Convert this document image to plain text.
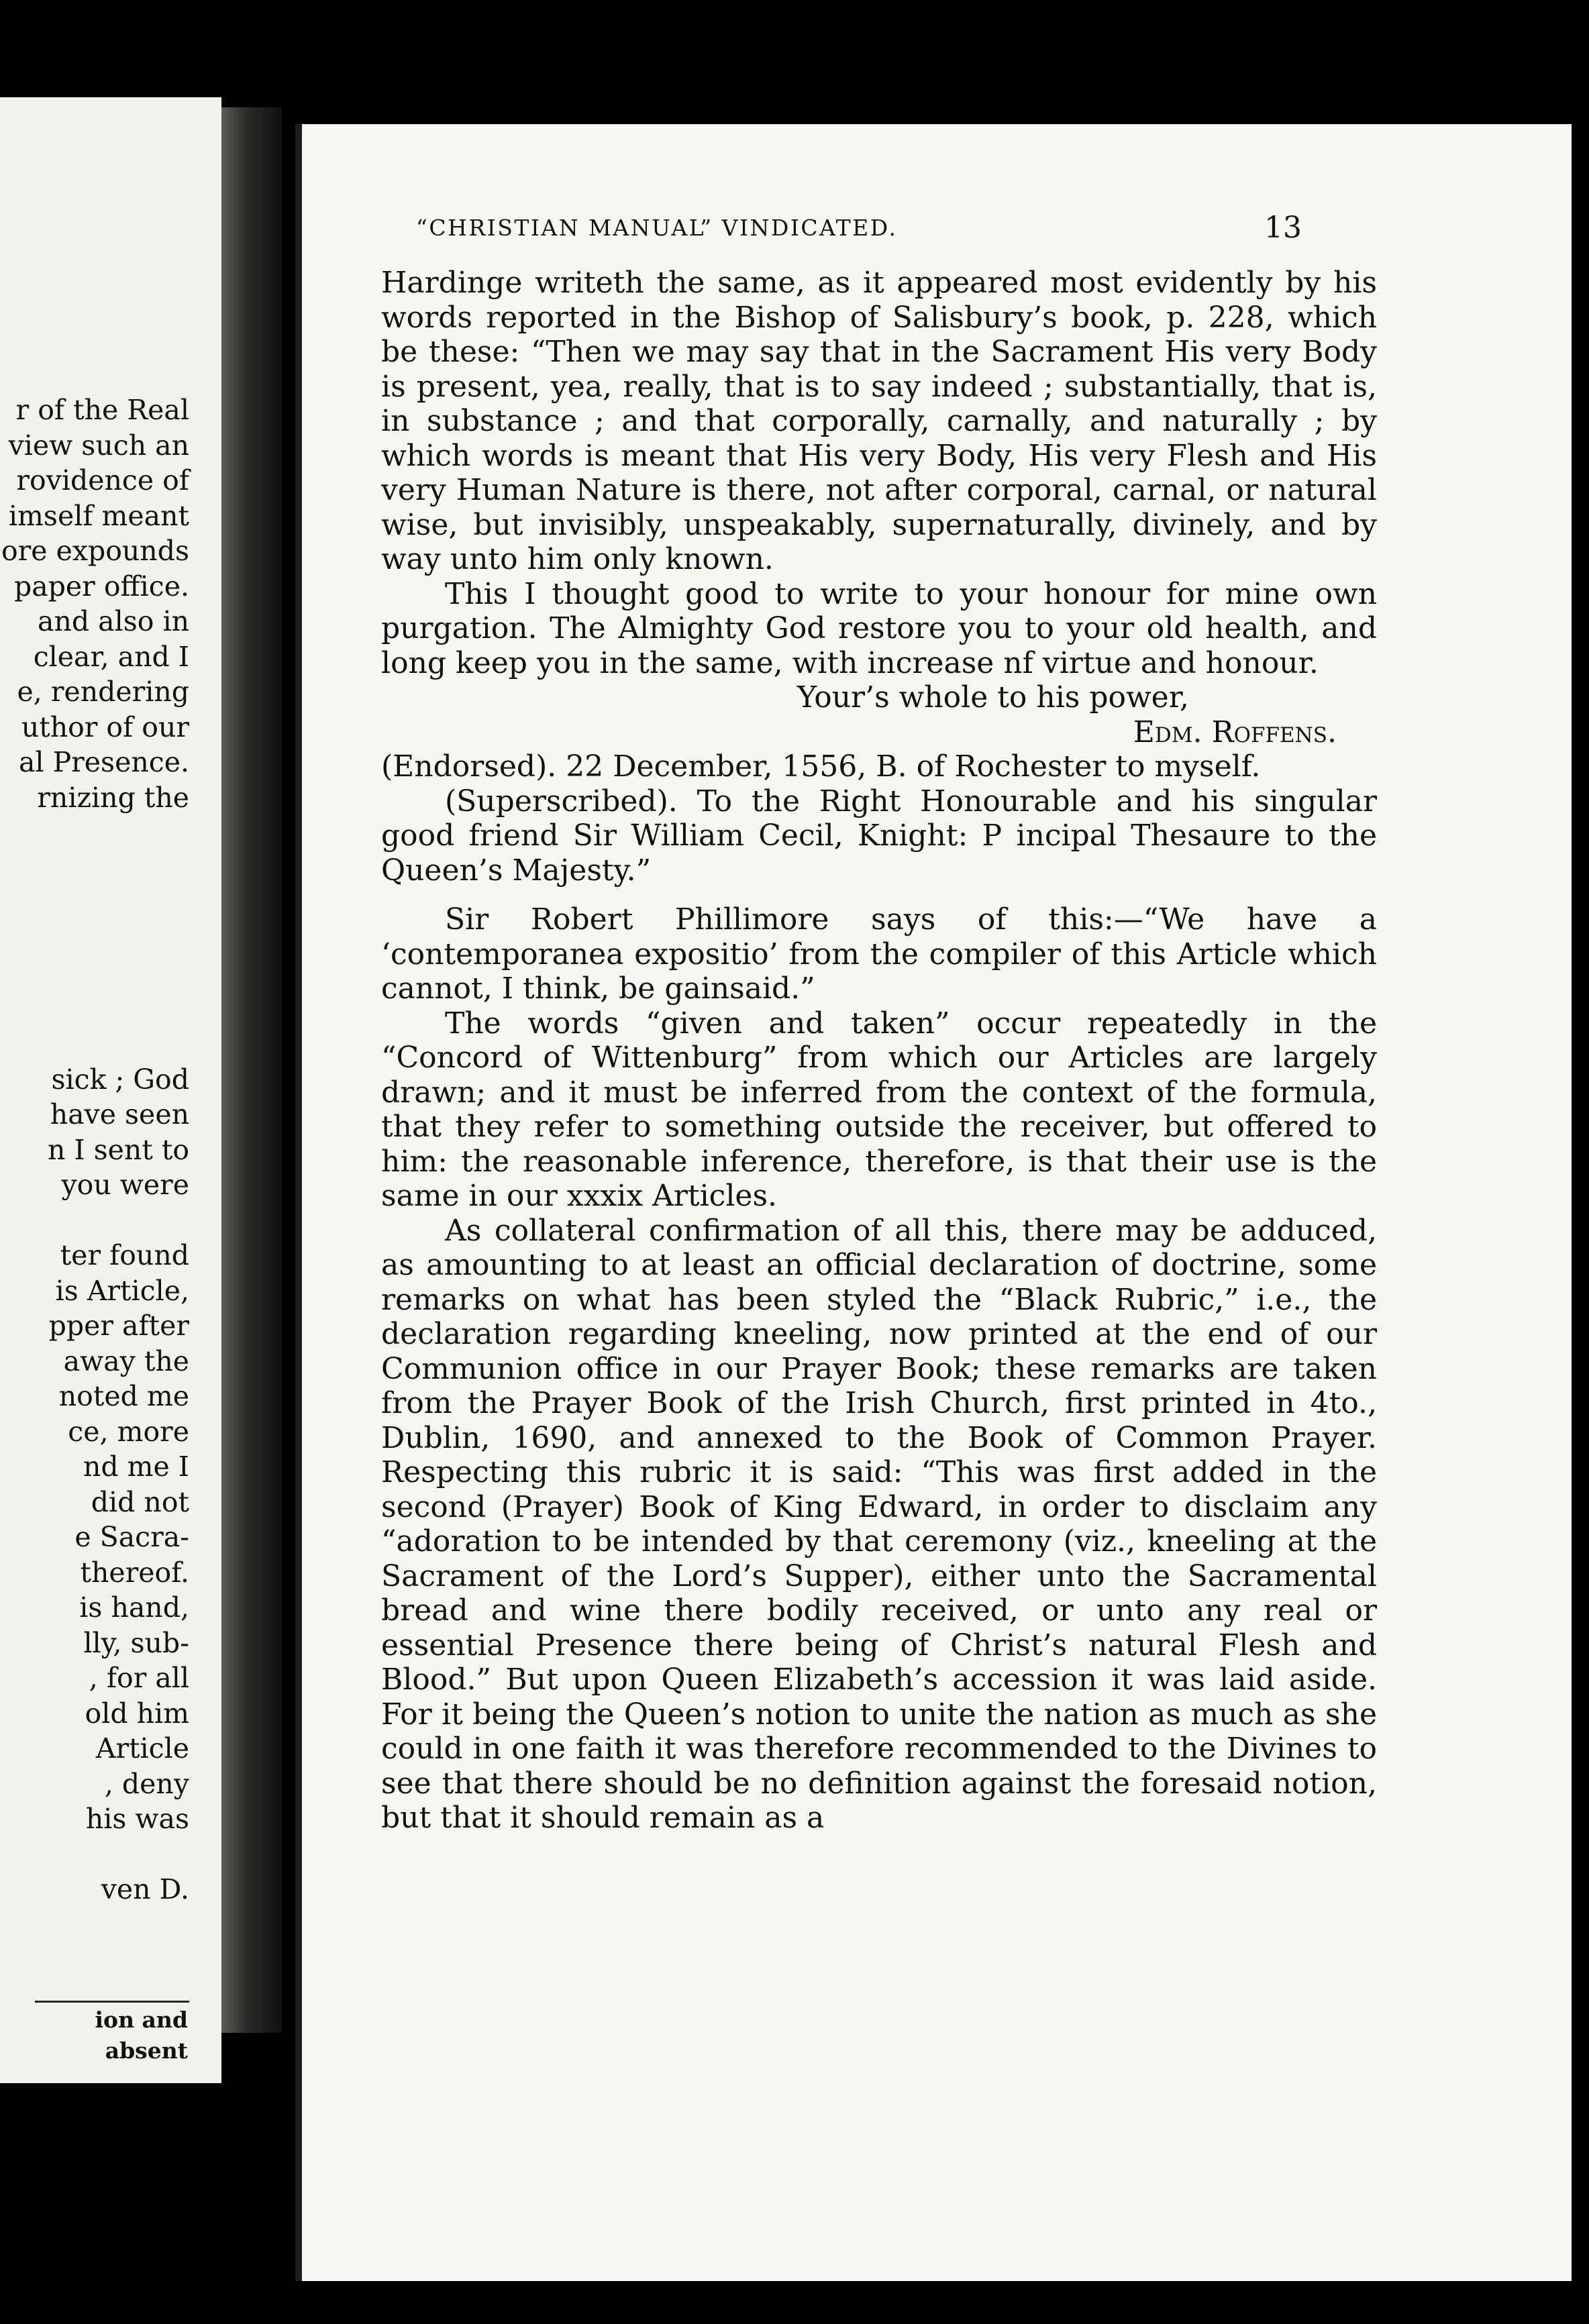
r of the Real
view such an
rovidence of
imself meant
ore expounds
paper office.
and also in
clear, and I
e, rendering
uthor of our
al Presence.
rnizing the
sick ; God
have seen
n I sent to
you were
ter found
is Article,
pper after
away the
noted me
ce, more
nd me I
did not
e Sacra-
thereof.
is hand,
lly, sub-
, for all
old him
Article
, deny
his was
ven D.
ion and
absent
“CHRISTIAN MANUAL” VINDICATED.	13

Hardinge writeth the same, as it appeared most evidently by his words reported in the Bishop of Salisbury’s book, p. 228, which be these: “Then we may say that in the Sacrament His very Body is present, yea, really, that is to say indeed ; substantially, that is, in substance ; and that corporally, carnally, and naturally ; by which words is meant that His very Body, His very Flesh and His very Human Nature is there, not after corporal, carnal, or natural wise, but invisibly, unspeakably, supernaturally, divinely, and by way unto him only known.

This I thought good to write to your honour for mine own purgation. The Almighty God restore you to your old health, and long keep you in the same, with increase nf virtue and honour.

Your’s whole to his power,

Edm. Roffens.

(Endorsed). 22 December, 1556, B. of Rochester to myself.

(Superscribed). To the Right Honourable and his singular good friend Sir William Cecil, Knight: P incipal Thesaure to the Queen’s Majesty.”

Sir Robert Phillimore says of this:—“We have a ‘contemporanea expositio’ from the compiler of this Article which cannot, I think, be gainsaid.”

The words “given and taken” occur repeatedly in the “Concord of Wittenburg” from which our Articles are largely drawn; and it must be inferred from the context of the formula, that they refer to something outside the receiver, but offered to him: the reasonable inference, therefore, is that their use is the same in our xxxix Articles.

As collateral confirmation of all this, there may be adduced, as amounting to at least an official declaration of doctrine, some remarks on what has been styled the “Black Rubric,” i.e., the declaration regarding kneeling, now printed at the end of our Communion office in our Prayer Book; these remarks are taken from the Prayer Book of the Irish Church, first printed in 4to., Dublin, 1690, and annexed to the Book of Common Prayer. Respecting this rubric it is said: “This was first added in the second (Prayer) Book of King Edward, in order to disclaim any “adoration to be intended by that ceremony (viz., kneeling at the Sacrament of the Lord’s Supper), either unto the Sacramental bread and wine there bodily received, or unto any real or essential Presence there being of Christ’s natural Flesh and Blood.” But upon Queen Elizabeth’s accession it was laid aside. For it being the Queen’s notion to unite the nation as much as she could in one faith it was therefore recommended to the Divines to see that there should be no definition against the foresaid notion, but that it should remain as a
